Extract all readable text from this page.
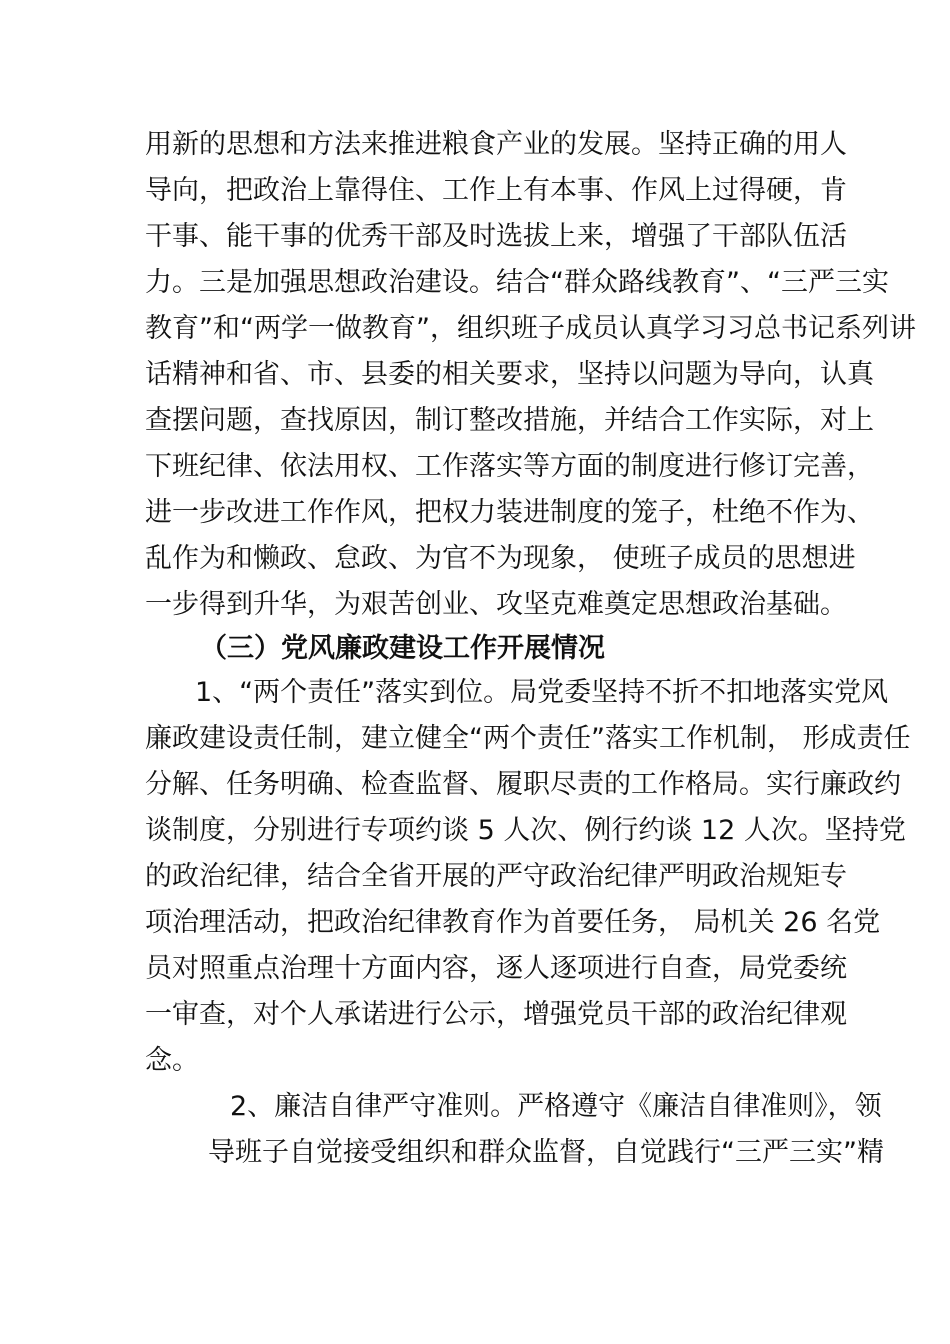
用新的思想和方法来推进粮食产业的发展。坚持正确的用人
导向，把政治上靠得住、工作上有本事、作风上过得硬，肯
干事、能干事的优秀干部及时选拔上来，增强了干部队伍活
力。三是加强思想政治建设。结合“群众路线教育”、“三严三实
教育”和“两学一做教育”，组织班子成员认真学习习总书记系列讲
话精神和省、市、县委的相关要求，坚持以问题为导向，认真
查摆问题，查找原因，制订整改措施，并结合工作实际，对上
下班纪律、依法用权、工作落实等方面的制度进行修订完善，
进一步改进工作作风，把权力装进制度的笼子，杜绝不作为、
乱作为和懒政、怠政、为官不为现象， 使班子成员的思想进
一步得到升华，为艰苦创业、攻坚克难奠定思想政治基础。
（三）党风廉政建设工作开展情况
1、“两个责任”落实到位。局党委坚持不折不扣地落实党风
廉政建设责任制，建立健全“两个责任”落实工作机制， 形成责任
分解、任务明确、检查监督、履职尽责的工作格局。实行廉政约
谈制度，分别进行专项约谈 5 人次、例行约谈 12 人次。坚持党
的政治纪律，结合全省开展的严守政治纪律严明政治规矩专
项治理活动，把政治纪律教育作为首要任务， 局机关 26 名党
员对照重点治理十方面内容，逐人逐项进行自查，局党委统
一审查，对个人承诺进行公示，增强党员干部的政治纪律观
念。
2、廉洁自律严守准则。严格遵守《廉洁自律准则》，领
导班子自觉接受组织和群众监督，自觉践行“三严三实”精
